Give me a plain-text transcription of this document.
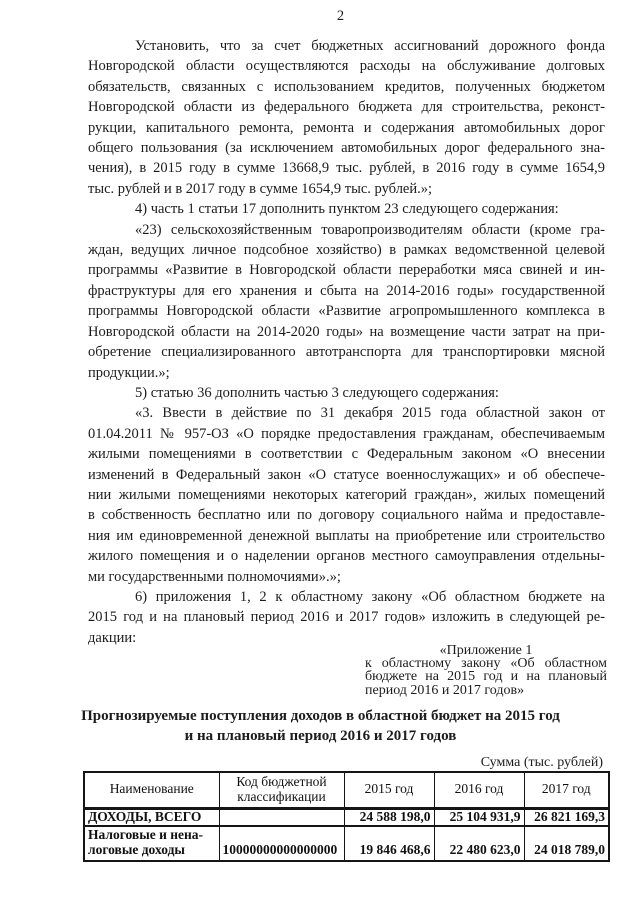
2
Установить, что за счет бюджетных ассигнований дорожного фонда
Новгородской области осуществляются расходы на обслуживание долговых
обязательств, связанных с использованием кредитов, полученных бюджетом
Новгородской области из федерального бюджета для строительства, реконст-
рукции, капитального ремонта, ремонта и содержания автомобильных дорог
общего пользования (за исключением автомобильных дорог федерального зна-
чения), в 2015 году в сумме 13668,9 тыс. рублей, в 2016 году в сумме 1654,9
тыс. рублей и в 2017 году в сумме 1654,9 тыс. рублей.»;
4) часть 1 статьи 17 дополнить пунктом 23 следующего содержания:
«23) сельскохозяйственным товаропроизводителям области (кроме гра-
ждан, ведущих личное подсобное хозяйство) в рамках ведомственной целевой
программы «Развитие в Новгородской области переработки мяса свиней и ин-
фраструктуры для его хранения и сбыта на 2014-2016 годы» государственной
программы Новгородской области «Развитие агропромышленного комплекса в
Новгородской области на 2014-2020 годы» на возмещение части затрат на при-
обретение специализированного автотранспорта для транспортировки мясной
продукции.»;
5) статью 36 дополнить частью 3 следующего содержания:
«3. Ввести в действие по 31 декабря 2015 года областной закон от
01.04.2011 № 957-ОЗ «О порядке предоставления гражданам, обеспечиваемым
жилыми помещениями в соответствии с Федеральным законом «О внесении
изменений в Федеральный закон «О статусе военнослужащих» и об обеспече-
нии жилыми помещениями некоторых категорий граждан», жилых помещений
в собственность бесплатно или по договору социального найма и предоставле-
ния им единовременной денежной выплаты на приобретение или строительство
жилого помещения и о наделении органов местного самоуправления отдельны-
ми государственными полномочиями».»;
6) приложения 1, 2 к областному закону «Об областном бюджете на
2015 год и на плановый период 2016 и 2017 годов» изложить в следующей ре-
дакции:
«Приложение 1
к областному закону «Об областном
бюджете на 2015 год и на плановый
период 2016 и 2017 годов»
Прогнозируемые поступления доходов в областной бюджет на 2015 год
и на плановый период 2016 и 2017 годов
Сумма (тыс. рублей)
Наименование	Код бюджетной классификации	2015 год	2016 год	2017 год
ДОХОДЫ, ВСЕГО		24 588 198,0	25 104 931,9	26 821 169,3
Налоговые и нена-логовые доходы	10000000000000000	19 846 468,6	22 480 623,0	24 018 789,0
